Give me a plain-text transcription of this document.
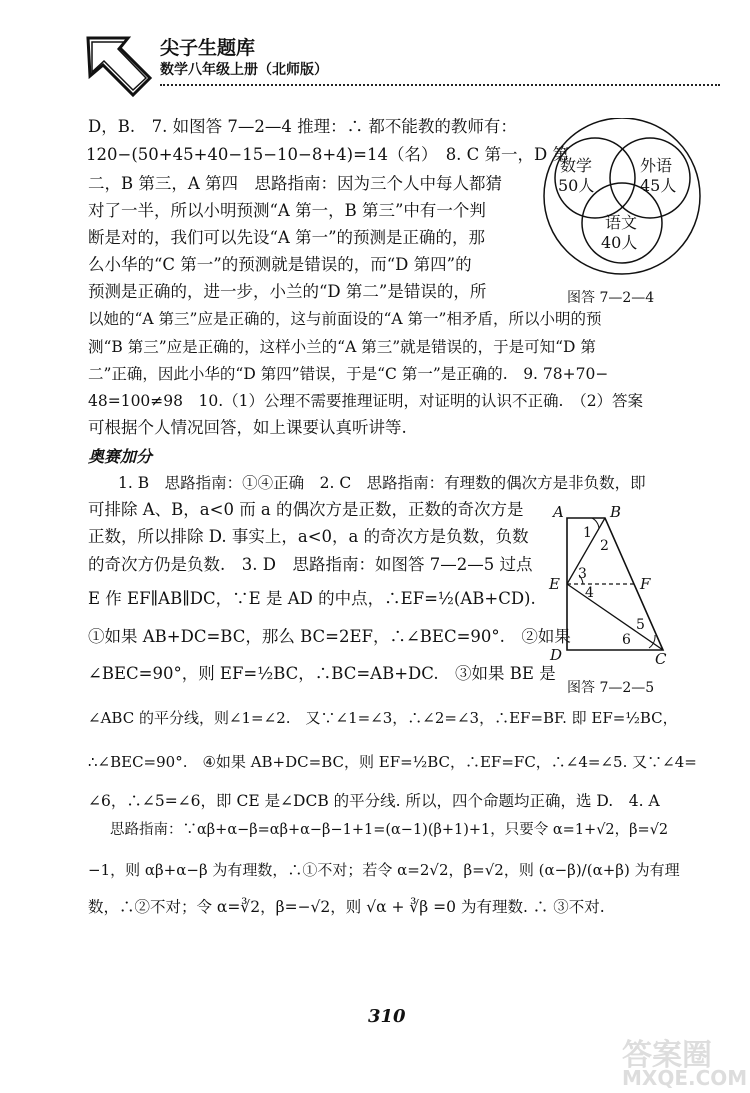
尖子生题库
数学八年级上册（北师版）
数学
50人
外语
45人
语文
40人
图答 7—2—4
D，B.　7. 如图答 7—2—4 推理：∴ 都不能教的教师有：
120−(50+45+40−15−10−8+4)=14（名）　8. C 第一，D 第
二，B 第三，A 第四　思路指南：因为三个人中每人都猜
对了一半，所以小明预测“A 第一，B 第三”中有一个判
断是对的，我们可以先设“A 第一”的预测是正确的，那
么小华的“C 第一”的预测就是错误的，而“D 第四”的
预测是正确的，进一步，小兰的“D 第二”是错误的，所
以她的“A 第三”应是正确的，这与前面设的“A 第一”相矛盾，所以小明的预
测“B 第三”应是正确的，这样小兰的“A 第三”就是错误的，于是可知“D 第
二”正确，因此小华的“D 第四”错误，于是“C 第一”是正确的.　9. 78+70−
48=100≠98　10.（1）公理不需要推理证明，对证明的认识不正确.　（2）答案
可根据个人情况回答，如上课要认真听讲等.
奥赛加分
A	B
1
2
E
3
4	F
5
6
D	C
图答 7—2—5
1. B　思路指南：①④正确　2. C　思路指南：有理数的偶次方是非负数，即
可排除 A、B，a<0 而 a 的偶次方是正数，正数的奇次方是
正数，所以排除 D. 事实上，a<0，a 的奇次方是负数，负数
的奇次方仍是负数.　3. D　思路指南：如图答 7—2—5 过点
E 作 EF∥AB∥DC，∵E 是 AD 的中点，∴EF=½(AB+CD).
①如果 AB+DC=BC，那么 BC=2EF，∴∠BEC=90°.　②如果
∠BEC=90°，则 EF=½BC，∴BC=AB+DC.　③如果 BE 是
∠ABC 的平分线，则∠1=∠2.　又∵∠1=∠3，∴∠2=∠3，∴EF=BF. 即 EF=½BC，
∴∠BEC=90°.　④如果 AB+DC=BC，则 EF=½BC，∴EF=FC，∴∠4=∠5. 又∵∠4=
∠6，∴∠5=∠6，即 CE 是∠DCB 的平分线. 所以，四个命题均正确，选 D.　4. A
思路指南：∵αβ+α−β=αβ+α−β−1+1=(α−1)(β+1)+1，只要令 α=1+√2，β=√2
−1，则 αβ+α−β 为有理数，∴①不对；若令 α=2√2，β=√2，则 (α−β)/(α+β) 为有理
数，∴②不对；令 α=∛2，β=−√2，则 √α + ∛β =0 为有理数. ∴ ③不对.
310
答案圈
MXQE.COM
